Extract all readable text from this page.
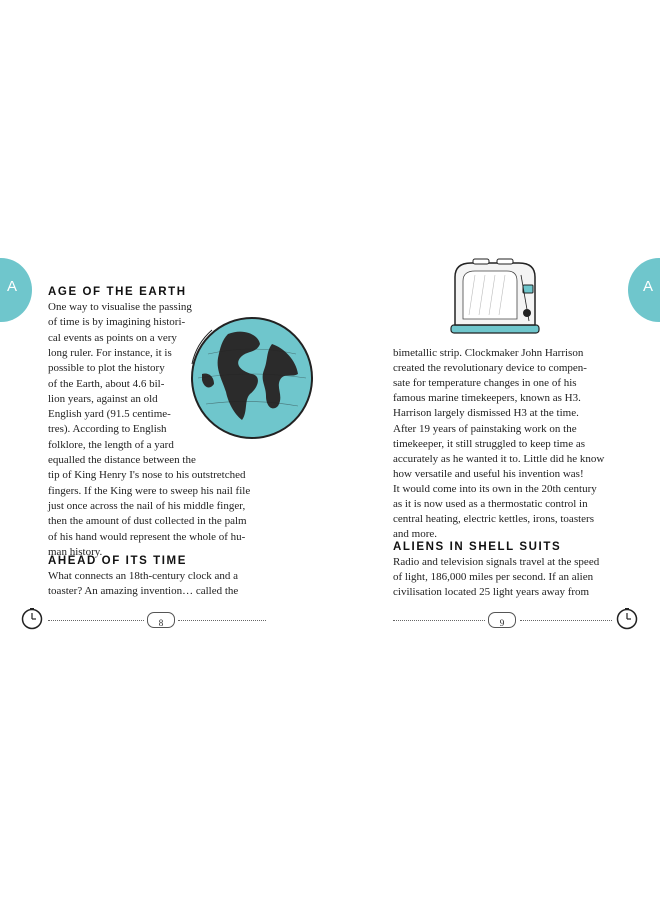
A	AGE OF THE EARTH
One way to visualise the passing
of time is by imagining histori-
cal events as points on a very
long ruler. For instance, it is
possible to plot the history
of the Earth, about 4.6 bil-
lion years, against an old
English yard (91.5 centime-
tres). According to English
folklore, the length of a yard
equalled the distance between the
tip of King Henry I's nose to his outstretched
fingers. If the King were to sweep his nail file
just once across the nail of his middle finger,
then the amount of dust collected in the palm
of his hand would represent the whole of hu-
man history.
AHEAD OF ITS TIME
What connects an 18th-century clock and a
toaster? An amazing invention… called the
8
A
bimetallic strip. Clockmaker John Harrison
created the revolutionary device to compen-
sate for temperature changes in one of his
famous marine timekeepers, known as H3.
Harrison largely dismissed H3 at the time.
After 19 years of painstaking work on the
timekeeper, it still struggled to keep time as
accurately as he wanted it to. Little did he know
how versatile and useful his invention was!
It would come into its own in the 20th century
as it is now used as a thermostatic control in
central heating, electric kettles, irons, toasters
and more.
ALIENS IN SHELL SUITS
Radio and television signals travel at the speed
of light, 186,000 miles per second. If an alien
civilisation located 25 light years away from
9
